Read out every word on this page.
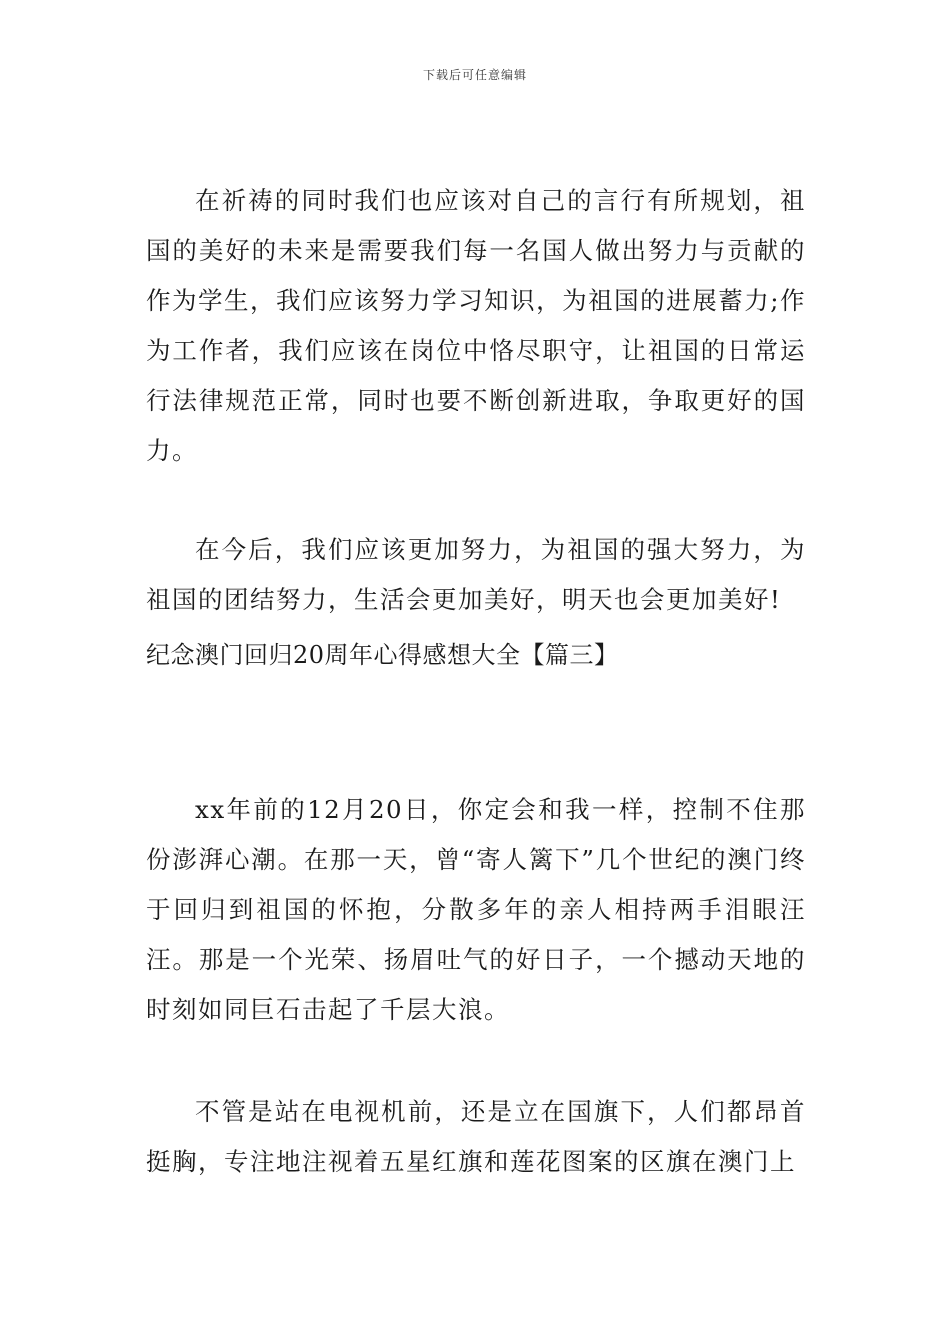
下载后可任意编辑

在祈祷的同时我们也应该对自己的言行有所规划，祖国的美好的未来是需要我们每一名国人做出努力与贡献的作为学生，我们应该努力学习知识，为祖国的进展蓄力;作为工作者，我们应该在岗位中恪尽职守，让祖国的日常运行法律规范正常，同时也要不断创新进取，争取更好的国力。

在今后，我们应该更加努力，为祖国的强大努力，为祖国的团结努力，生活会更加美好，明天也会更加美好!

纪念澳门回归20周年心得感想大全【篇三】

xx年前的12月20日，你定会和我一样，控制不住那份澎湃心潮。在那一天，曾“寄人篱下”几个世纪的澳门终于回归到祖国的怀抱，分散多年的亲人相持两手泪眼汪汪。那是一个光荣、扬眉吐气的好日子，一个撼动天地的时刻如同巨石击起了千层大浪。

不管是站在电视机前，还是立在国旗下，人们都昂首挺胸，专注地注视着五星红旗和莲花图案的区旗在澳门上
